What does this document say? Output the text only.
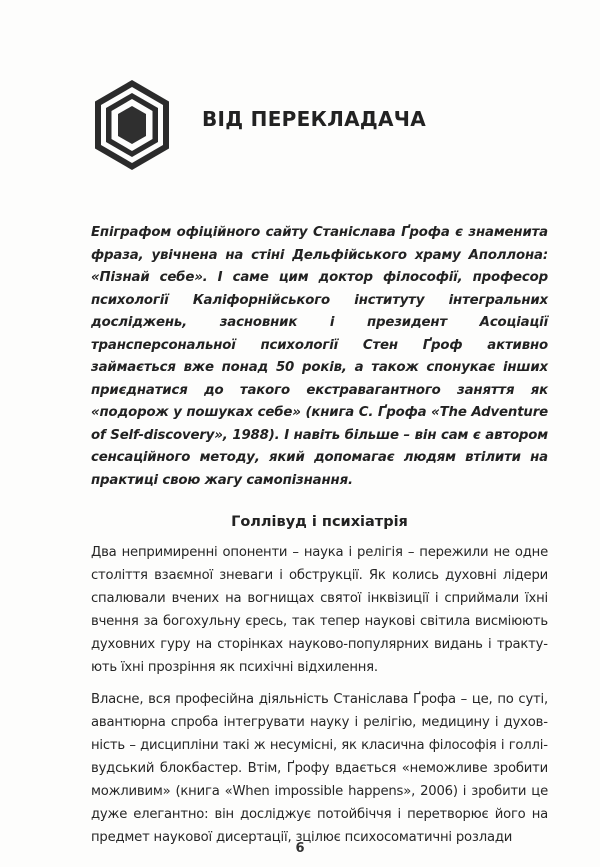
ВІД ПЕРЕКЛАДАЧА

Епіграфом офіційного сайту Станіслава Ґрофа є знаменита фраза, увічнена на стіні Дельфійського храму Аполлона: «Пізнай себе». І саме цим доктор філософії, професор психології Каліфорнійського інституту інтегральних досліджень, засновник і президент Асоціації трансперсональної психології Стен Ґроф активно займається вже понад 50 років, а також спонукає інших приєднатися до такого екстравагантного заняття як «подорож у пошуках себе» (книга С. Ґрофа «The Adventure of Self-discovery», 1988). І навіть більше – він сам є автором сенсаційного методу, який допомагає людям втілити на практиці свою жагу самопізнання.

Голлівуд і психіатрія

Два непримиренні опоненти – наука і релігія – пережили не одне століття взаємної зневаги і обструкції. Як колись духовні лідери спалювали вчених на вогнищах святої інквізиції і сприймали їхні вчення за богохульну єресь, так тепер наукові світила висміюють духовних гуру на сторінках науково-популярних видань і трактують їхні прозріння як психічні відхилення.

Власне, вся професійна діяльність Станіслава Ґрофа – це, по суті, авантюрна спроба інтегрувати науку і релігію, медицину і духовність – дисципліни такі ж несумісні, як класична філософія і голлівудський блокбастер. Втім, Ґрофу вдається «неможливе зробити можливим» (книга «When impossible happens», 2006) і зробити це дуже елегантно: він досліджує потойбіччя і перетворює його на предмет наукової дисертації, зцілює психосоматичні розлади

6
